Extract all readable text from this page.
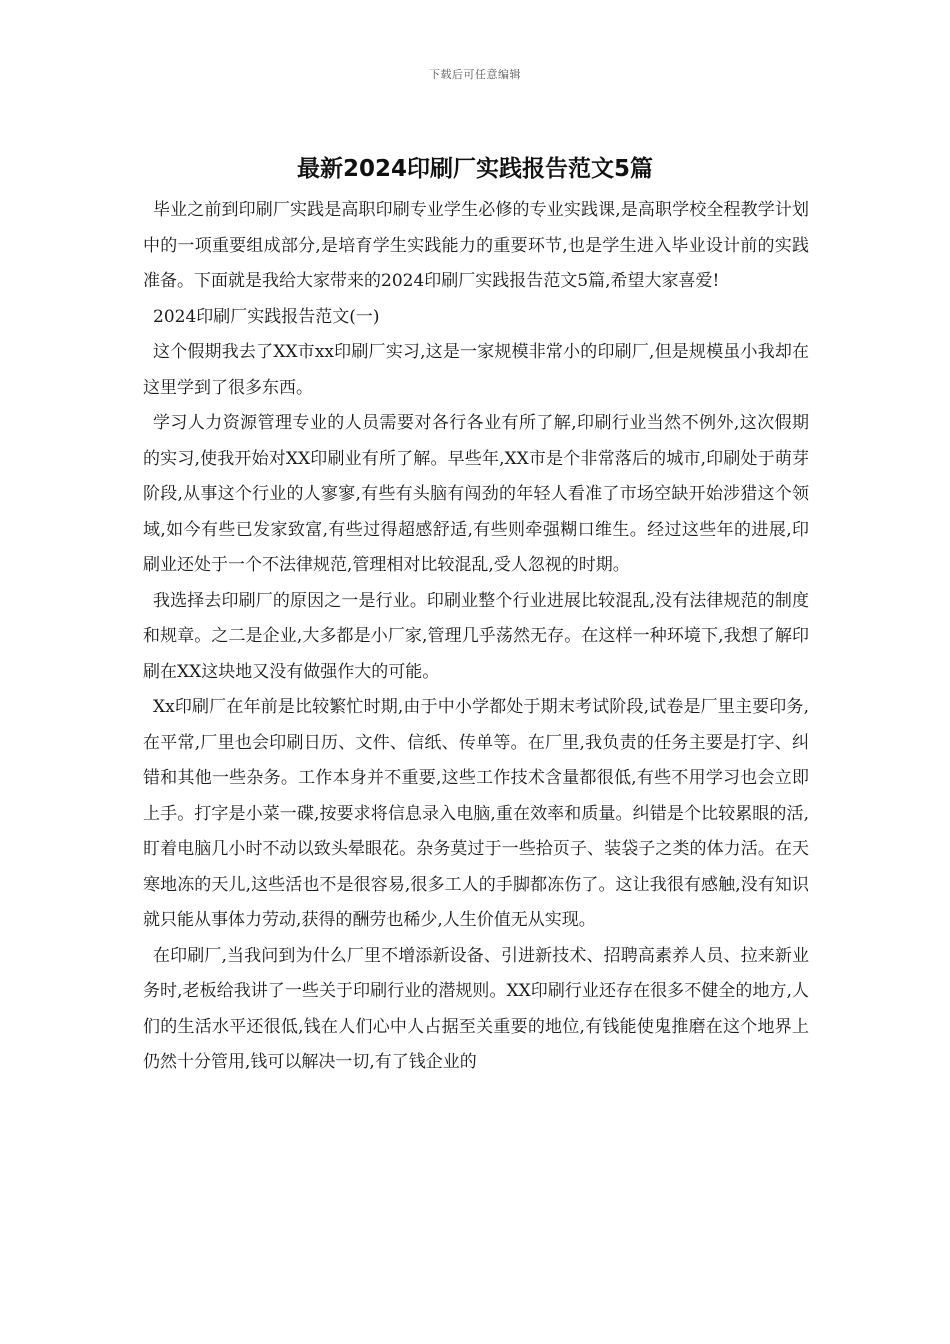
下载后可任意编辑
最新2024印刷厂实践报告范文5篇

毕业之前到印刷厂实践是高职印刷专业学生必修的专业实践课,是高职学校全程教学计划中的一项重要组成部分,是培育学生实践能力的重要环节,也是学生进入毕业设计前的实践准备。下面就是我给大家带来的2024印刷厂实践报告范文5篇,希望大家喜爱!

2024印刷厂实践报告范文(一)

这个假期我去了XX市xx印刷厂实习,这是一家规模非常小的印刷厂,但是规模虽小我却在这里学到了很多东西。

学习人力资源管理专业的人员需要对各行各业有所了解,印刷行业当然不例外,这次假期的实习,使我开始对XX印刷业有所了解。早些年,XX市是个非常落后的城市,印刷处于萌芽阶段,从事这个行业的人寥寥,有些有头脑有闯劲的年轻人看准了市场空缺开始涉猎这个领域,如今有些已发家致富,有些过得超感舒适,有些则牵强糊口维生。经过这些年的进展,印刷业还处于一个不法律规范,管理相对比较混乱,受人忽视的时期。

我选择去印刷厂的原因之一是行业。印刷业整个行业进展比较混乱,没有法律规范的制度和规章。之二是企业,大多都是小厂家,管理几乎荡然无存。在这样一种环境下,我想了解印刷在XX这块地又没有做强作大的可能。

Xx印刷厂在年前是比较繁忙时期,由于中小学都处于期末考试阶段,试卷是厂里主要印务,在平常,厂里也会印刷日历、文件、信纸、传单等。在厂里,我负责的任务主要是打字、纠错和其他一些杂务。工作本身并不重要,这些工作技术含量都很低,有些不用学习也会立即上手。打字是小菜一碟,按要求将信息录入电脑,重在效率和质量。纠错是个比较累眼的活,盯着电脑几小时不动以致头晕眼花。杂务莫过于一些拾页子、装袋子之类的体力活。在天寒地冻的天儿,这些活也不是很容易,很多工人的手脚都冻伤了。这让我很有感触,没有知识就只能从事体力劳动,获得的酬劳也稀少,人生价值无从实现。

在印刷厂,当我问到为什么厂里不增添新设备、引进新技术、招聘高素养人员、拉来新业务时,老板给我讲了一些关于印刷行业的潜规则。XX印刷行业还存在很多不健全的地方,人们的生活水平还很低,钱在人们心中人占据至关重要的地位,有钱能使鬼推磨在这个地界上仍然十分管用,钱可以解决一切,有了钱企业的
